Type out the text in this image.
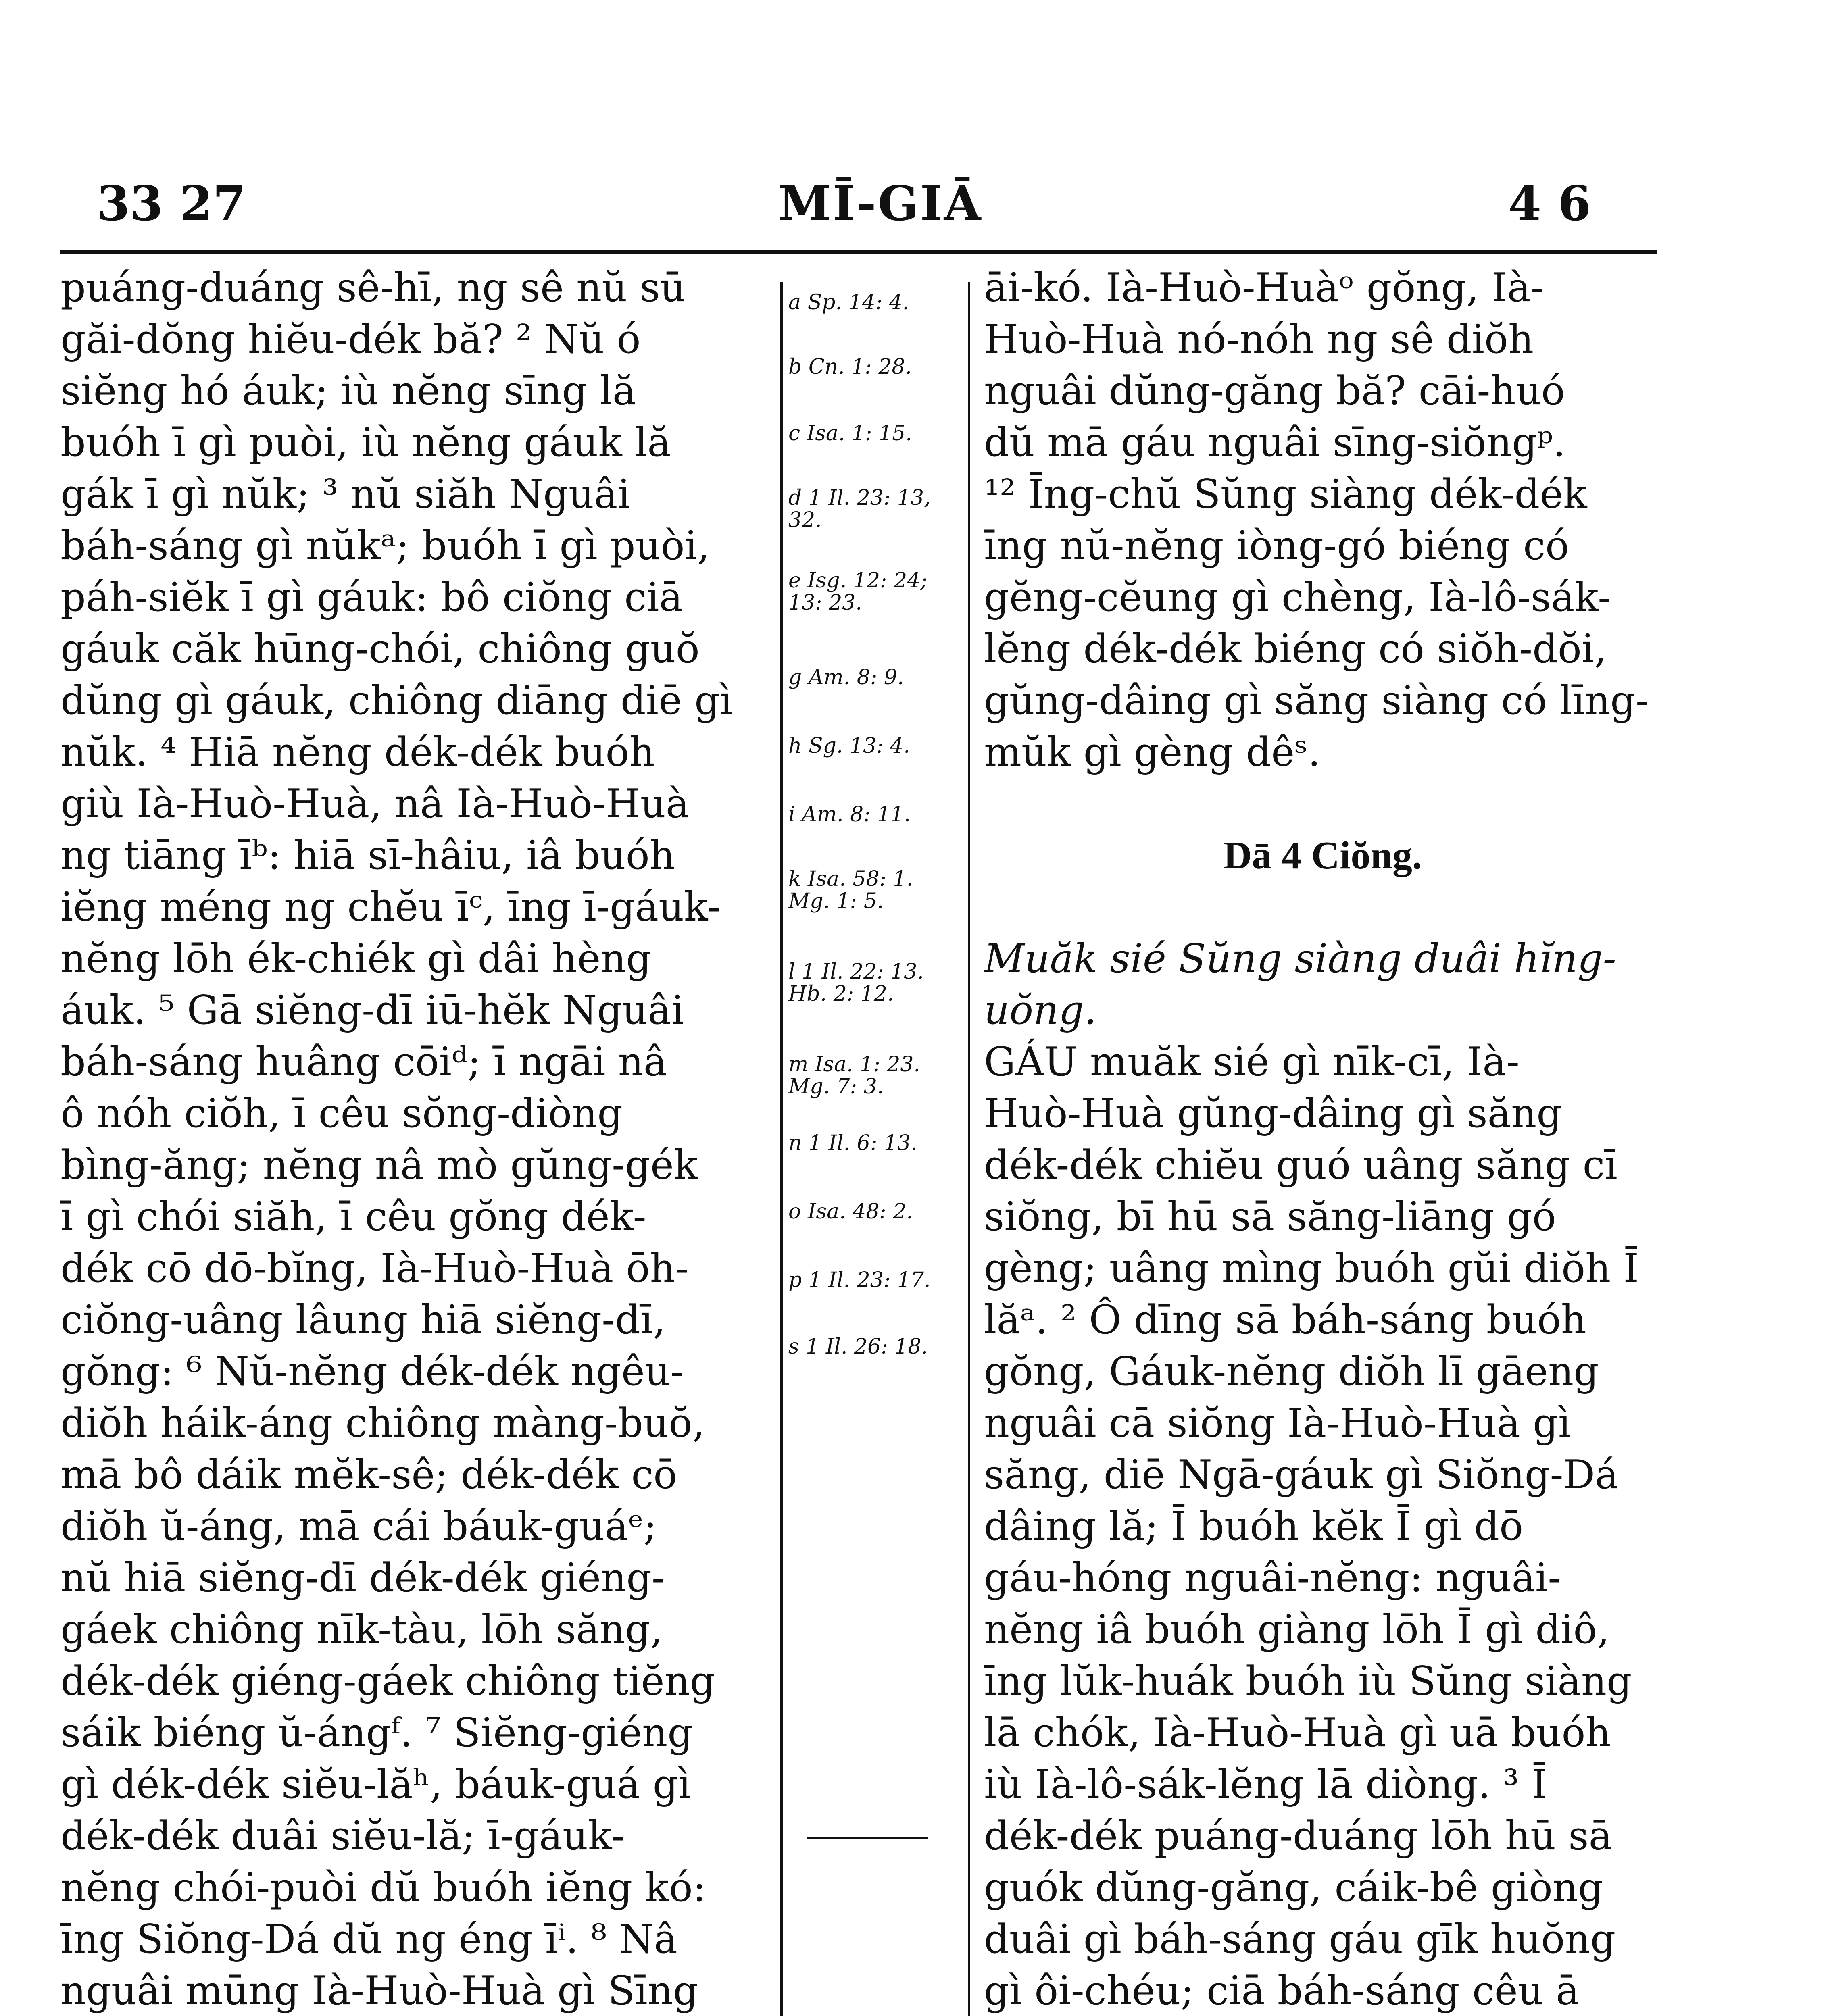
33 27	MĪ-GIĀ	4 6
puáng-duáng sê-hī, ng sê nŭ sū
găi-dŏng hiĕu-dék bă? ² Nŭ ó
siĕng hó áuk; iù nĕng sīng lă
buóh ī gì puòi, iù nĕng gáuk lă
gák ī gì nŭk; ³ nŭ siăh Nguâi
báh-sáng gì nŭkᵃ; buóh ī gì puòi,
páh-siĕk ī gì gáuk: bô ciŏng ciā
gáuk căk hūng-chói, chiông guŏ
dŭng gì gáuk, chiông diāng diē gì
nŭk. ⁴ Hiā nĕng dék-dék buóh
giù Ià-Huò-Huà, nâ Ià-Huò-Huà
ng tiāng īᵇ: hiā sī-hâiu, iâ buóh
iĕng méng ng chĕu īᶜ, īng ī-gáuk-
nĕng lōh ék-chiék gì dâi hèng
áuk. ⁵ Gā siĕng-dī iū-hĕk Nguâi
báh-sáng huâng cōiᵈ; ī ngāi nâ
ô nóh ciŏh, ī cêu sŏng-diòng
bìng-ăng; nĕng nâ mò gŭng-gék
ī gì chói siăh, ī cêu gŏng dék-
dék cō dō-bĭng, Ià-Huò-Huà ōh-
ciŏng-uâng lâung hiā siĕng-dī,
gŏng: ⁶ Nŭ-nĕng dék-dék ngêu-
diŏh háik-áng chiông màng-buŏ,
mā bô dáik mĕk-sê; dék-dék cō
diŏh ŭ-áng, mā cái báuk-guáᵉ;
nŭ hiā siĕng-dī dék-dék giéng-
gáek chiông nīk-tàu, lōh săng,
dék-dék giéng-gáek chiông tiĕng
sáik biéng ŭ-ángᶠ. ⁷ Siĕng-giéng
gì dék-dék siĕu-lăʰ, báuk-guá gì
dék-dék duâi siĕu-lă; ī-gáuk-
nĕng chói-puòi dŭ buóh iĕng kó:
īng Siŏng-Dá dŭ ng éng īⁱ. ⁸ Nâ
nguâi mūng Ià-Huò-Huà gì Sīng
a Sp. 14: 4.
b Cn. 1: 28.
c Isa. 1: 15.
d 1 Il. 23: 13,
32.
e Isg. 12: 24;
13: 23.
g Am. 8: 9.
h Sg. 13: 4.
i Am. 8: 11.
k Isa. 58: 1.
Mg. 1: 5.
l 1 Il. 22: 13.
Hb. 2: 12.
m Isa. 1: 23.
Mg. 7: 3.
n 1 Il. 6: 13.
o Isa. 48: 2.
p 1 Il. 23: 17.
s 1 Il. 26: 18.
āi-kó. Ià-Huò-Huàᵒ gŏng, Ià-
Huò-Huà nó-nóh ng sê diŏh
nguâi dŭng-găng bă? cāi-huó
dŭ mā gáu nguâi sīng-siŏngᵖ.
¹² Īng-chŭ Sŭng siàng dék-dék
īng nŭ-nĕng iòng-gó biéng có
gĕng-cĕung gì chèng, Ià-lô-sák-
lĕng dék-dék biéng có siŏh-dŏi,
gŭng-dâing gì săng siàng có līng-
mŭk gì gèng dêˢ.
Dā 4 Ciŏng.
Muăk sié Sŭng siàng duâi hĭng-
uŏng.
GÁU muăk sié gì nīk-cī, Ià-
Huò-Huà gŭng-dâing gì săng
dék-dék chiĕu guó uâng săng cī
siŏng, bī hū sā săng-liāng gó
gèng; uâng mìng buóh gŭi diŏh Ī
lăᵃ. ² Ô dīng sā báh-sáng buóh
gŏng, Gáuk-nĕng diŏh lī gāeng
nguâi cā siŏng Ià-Huò-Huà gì
săng, diē Ngā-gáuk gì Siŏng-Dá
dâing lă; Ī buóh kĕk Ī gì dō
gáu-hóng nguâi-nĕng: nguâi-
nĕng iâ buóh giàng lōh Ī gì diô,
īng lŭk-huák buóh iù Sŭng siàng
lā chók, Ià-Huò-Huà gì uā buóh
iù Ià-lô-sák-lĕng lā diòng. ³ Ī
dék-dék puáng-duáng lōh hū sā
guók dŭng-găng, cáik-bê giòng
duâi gì báh-sáng gáu gīk huŏng
gì ôi-chéu; ciā báh-sáng cêu ā
